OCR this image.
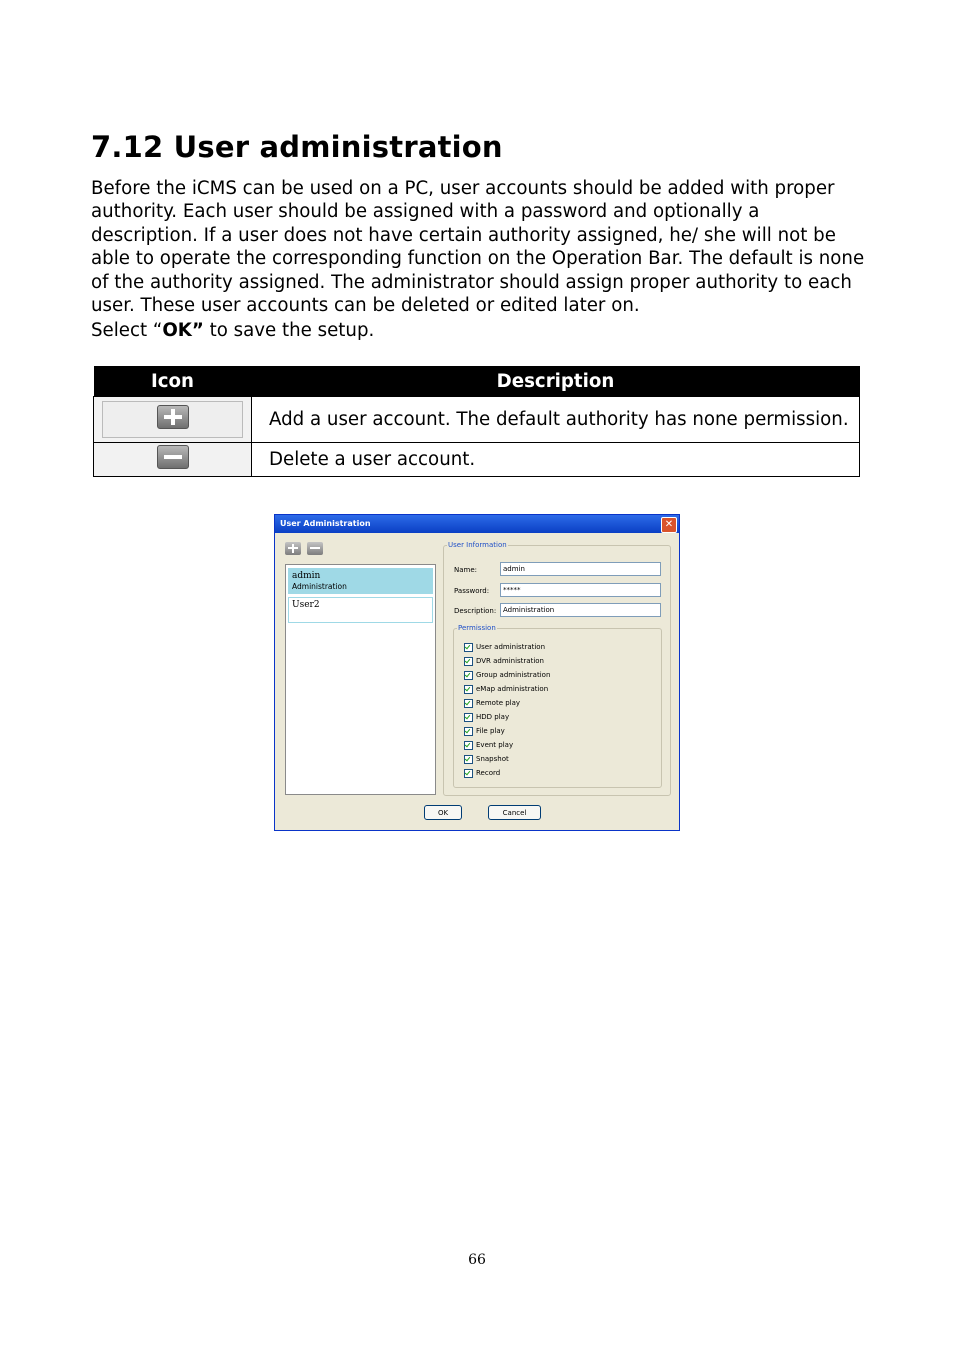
7.12 User administration

Before the iCMS can be used on a PC, user accounts should be added with proper authority. Each user should be assigned with a password and optionally a description. If a user does not have certain authority assigned, he/ she will not be able to operate the corresponding function on the Operation Bar. The default is none of the authority assigned. The administrator should assign proper authority to each user. These user accounts can be deleted or edited later on.

Select “OK” to save the setup.

Icon	Description

	Add a user account. The default authority has none permission.

	Delete a user account.
User Administration	✕
admin
Administration
User2
User Information
Name:	admin
Password:	*****
Description: Administration
Permission
User administration
DVR administration
Group administration
eMap administration
Remote play
HDD play
File play
Event play
Snapshot
Record
OK	Cancel
66
